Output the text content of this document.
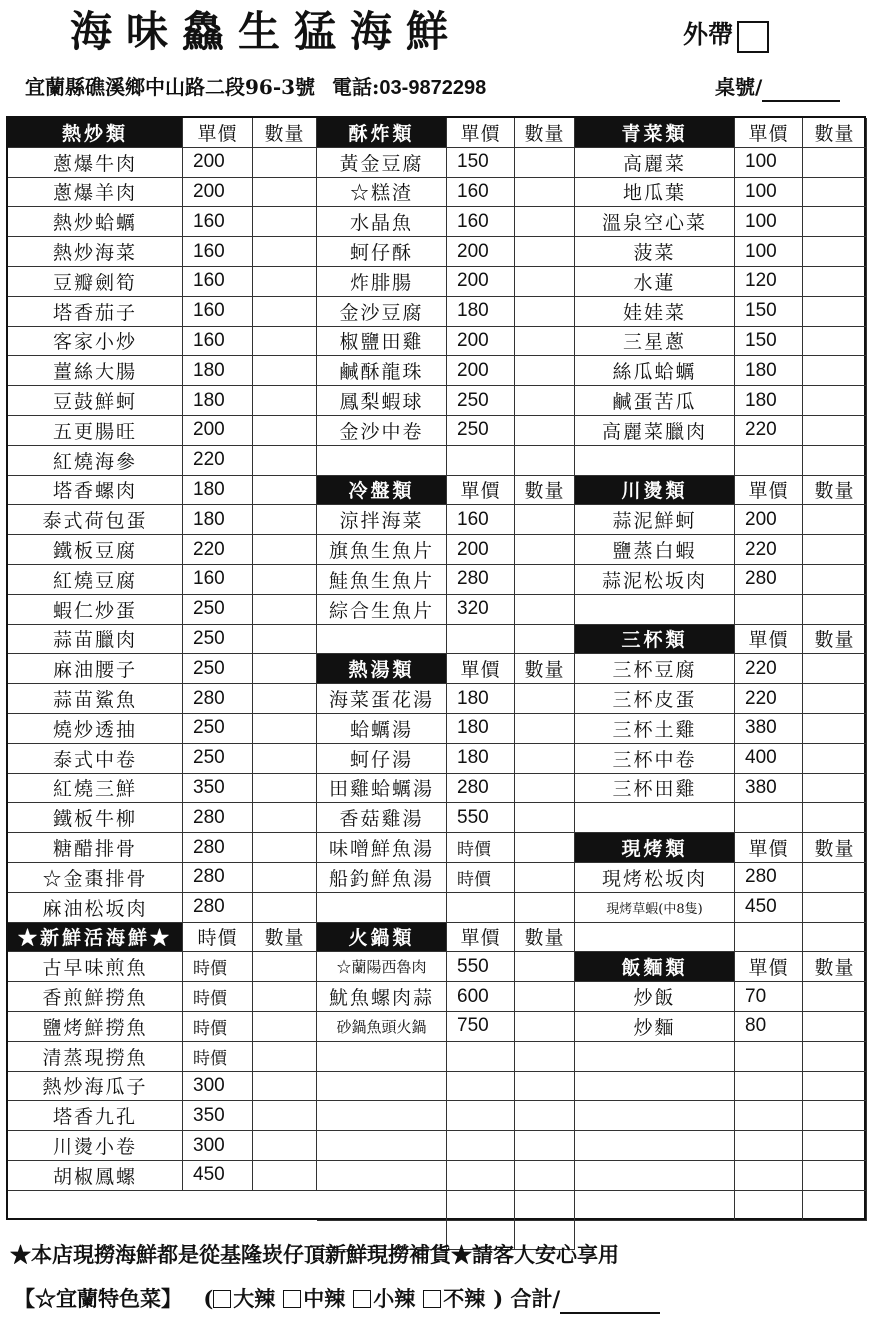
海味鱻生猛海鮮	外帶
宜蘭縣礁溪鄉中山路二段96-3號 電話:03-9872298	桌號/
熱炒類	單價	數量
蔥爆牛肉	200
蔥爆羊肉	200
熱炒蛤蠣	160
熱炒海菜	160
豆瓣劍筍	160
塔香茄子	160
客家小炒	160
薑絲大腸	180
豆鼓鮮蚵	180
五更腸旺	200
紅燒海參	220
塔香螺肉	180
泰式荷包蛋	180
鐵板豆腐	220
紅燒豆腐	160
蝦仁炒蛋	250
蒜苗臘肉	250
麻油腰子	250
蒜苗鯊魚	280
燒炒透抽	250
泰式中卷	250
紅燒三鮮	350
鐵板牛柳	280
糖醋排骨	280
☆金棗排骨	280
麻油松坂肉	280
★新鮮活海鮮★	時價	數量
古早味煎魚	時價
香煎鮮撈魚	時價
鹽烤鮮撈魚	時價
清蒸現撈魚	時價
熱炒海瓜子	300
塔香九孔	350
川燙小卷	300
胡椒鳳螺	450
酥炸類	單價	數量
黃金豆腐	150
☆糕渣	160
水晶魚	160
蚵仔酥	200
炸腓腸	200
金沙豆腐	180
椒鹽田雞	200
鹹酥龍珠	200
鳳梨蝦球	250
金沙中卷	250
冷盤類	單價	數量
涼拌海菜	160
旗魚生魚片	200
鮭魚生魚片	280
綜合生魚片	320
熱湯類	單價	數量
海菜蛋花湯	180
蛤蠣湯	180
蚵仔湯	180
田雞蛤蠣湯	280
香菇雞湯	550
味噌鮮魚湯	時價
船釣鮮魚湯	時價
火鍋類	單價	數量
☆蘭陽西魯肉	550
魷魚螺肉蒜	600
砂鍋魚頭火鍋	750
青菜類	單價	數量
高麗菜	100
地瓜葉	100
溫泉空心菜	100
菠菜	100
水蓮	120
娃娃菜	150
三星蔥	150
絲瓜蛤蠣	180
鹹蛋苦瓜	180
高麗菜臘肉	220
川燙類	單價	數量
蒜泥鮮蚵	200
鹽蒸白蝦	220
蒜泥松坂肉	280
三杯類	單價	數量
三杯豆腐	220
三杯皮蛋	220
三杯土雞	380
三杯中卷	400
三杯田雞	380
現烤類	單價	數量
現烤松坂肉	280
現烤草蝦(中8隻)	450
飯麵類	單價	數量
炒飯	70
炒麵	80
★本店現撈海鮮都是從基隆崁仔頂新鮮現撈補貨★請客人安心享用
【☆宜蘭特色菜】 ( 大辣 中辣 小辣 不辣 ) 合計/
